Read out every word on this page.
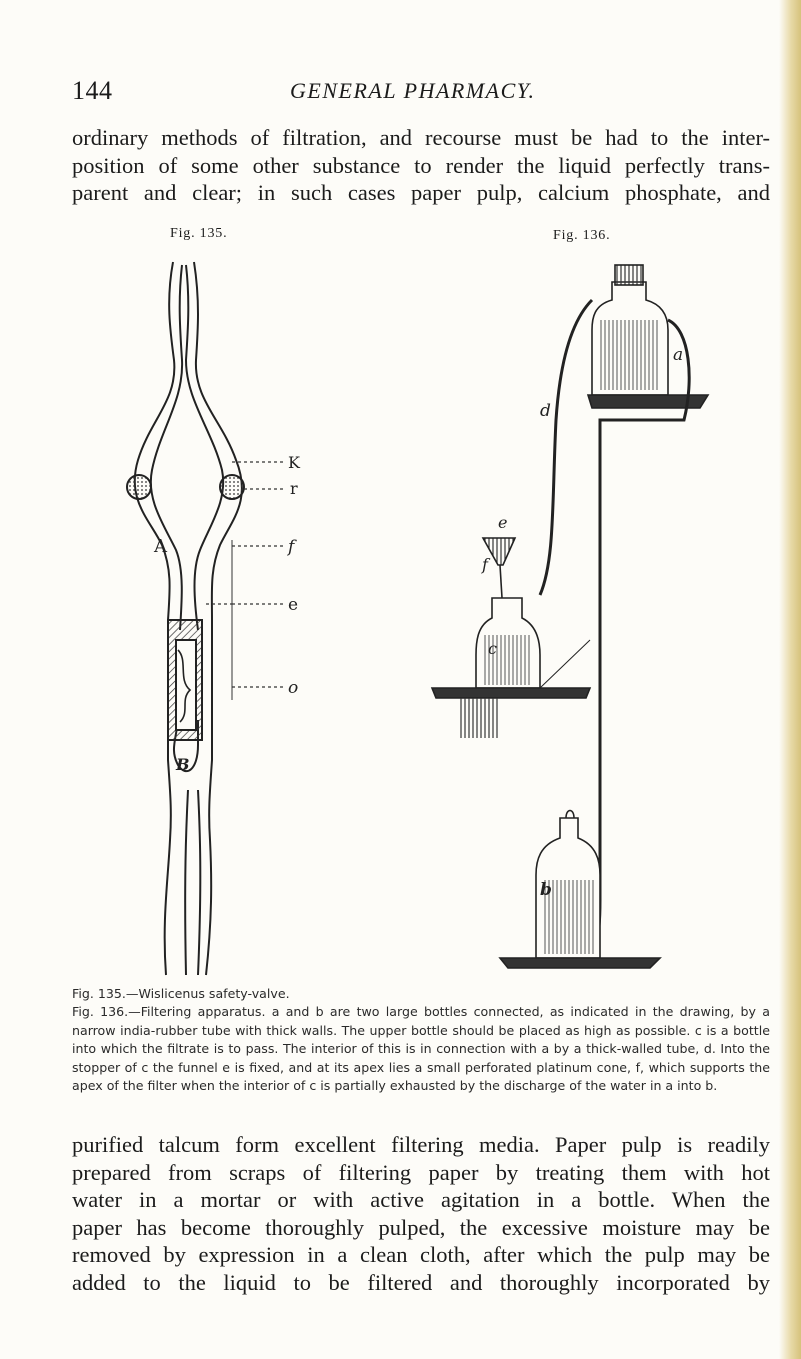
144	GENERAL PHARMACY.
ordinary methods of filtration, and recourse must be had to the inter-
position of some other substance to render the liquid perfectly trans-
parent and clear; in such cases paper pulp, calcium phosphate, and
Fig. 135.	Fig. 136.
K
r
f
e
o
A
B
a
d
e
f
c
b

Fig. 135.—Wislicenus safety-valve.

Fig. 136.—Filtering apparatus. a and b are two large bottles connected, as indicated in the drawing, by a narrow india-rubber tube with thick walls. The upper bottle should be placed as high as possible. c is a bottle into which the filtrate is to pass. The interior of this is in connection with a by a thick-walled tube, d. Into the stopper of c the funnel e is fixed, and at its apex lies a small perforated platinum cone, f, which supports the apex of the filter when the interior of c is partially exhausted by the discharge of the water in a into b.

purified talcum form excellent filtering media. Paper pulp is readily
prepared from scraps of filtering paper by treating them with hot
water in a mortar or with active agitation in a bottle. When the
paper has become thoroughly pulped, the excessive moisture may be
removed by expression in a clean cloth, after which the pulp may be
added to the liquid to be filtered and thoroughly incorporated by
